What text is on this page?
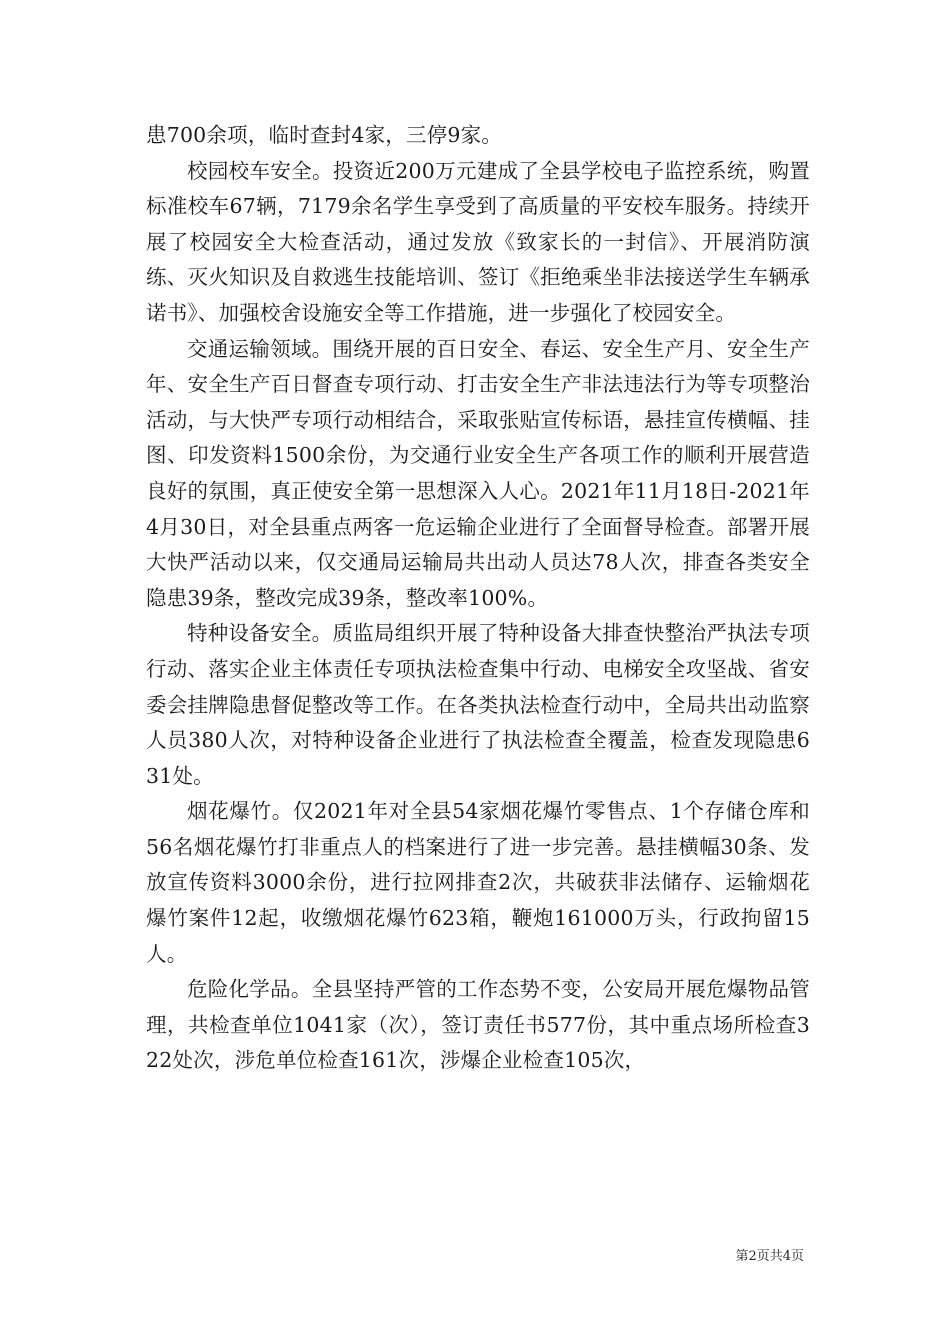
患700余项，临时查封4家，三停9家。

校园校车安全。投资近200万元建成了全县学校电子监控系统，购置标准校车67辆，7179余名学生享受到了高质量的平安校车服务。持续开展了校园安全大检查活动，通过发放《致家长的一封信》、开展消防演练、灭火知识及自救逃生技能培训、签订《拒绝乘坐非法接送学生车辆承诺书》、加强校舍设施安全等工作措施，进一步强化了校园安全。

交通运输领域。围绕开展的百日安全、春运、安全生产月、安全生产年、安全生产百日督查专项行动、打击安全生产非法违法行为等专项整治活动，与大快严专项行动相结合，采取张贴宣传标语，悬挂宣传横幅、挂图、印发资料1500余份，为交通行业安全生产各项工作的顺利开展营造良好的氛围，真正使安全第一思想深入人心。2021年11月18日-2021年4月30日，对全县重点两客一危运输企业进行了全面督导检查。部署开展大快严活动以来，仅交通局运输局共出动人员达78人次，排查各类安全隐患39条，整改完成39条，整改率100%。

特种设备安全。质监局组织开展了特种设备大排查快整治严执法专项行动、落实企业主体责任专项执法检查集中行动、电梯安全攻坚战、省安委会挂牌隐患督促整改等工作。在各类执法检查行动中，全局共出动监察人员380人次，对特种设备企业进行了执法检查全覆盖，检查发现隐患631处。

烟花爆竹。仅2021年对全县54家烟花爆竹零售点、1个存储仓库和56名烟花爆竹打非重点人的档案进行了进一步完善。悬挂横幅30条、发放宣传资料3000余份，进行拉网排查2次，共破获非法储存、运输烟花爆竹案件12起，收缴烟花爆竹623箱，鞭炮161000万头，行政拘留15人。

危险化学品。全县坚持严管的工作态势不变，公安局开展危爆物品管理，共检查单位1041家（次），签订责任书577份，其中重点场所检查322处次，涉危单位检查161次，涉爆企业检查105次，

第2页共4页
